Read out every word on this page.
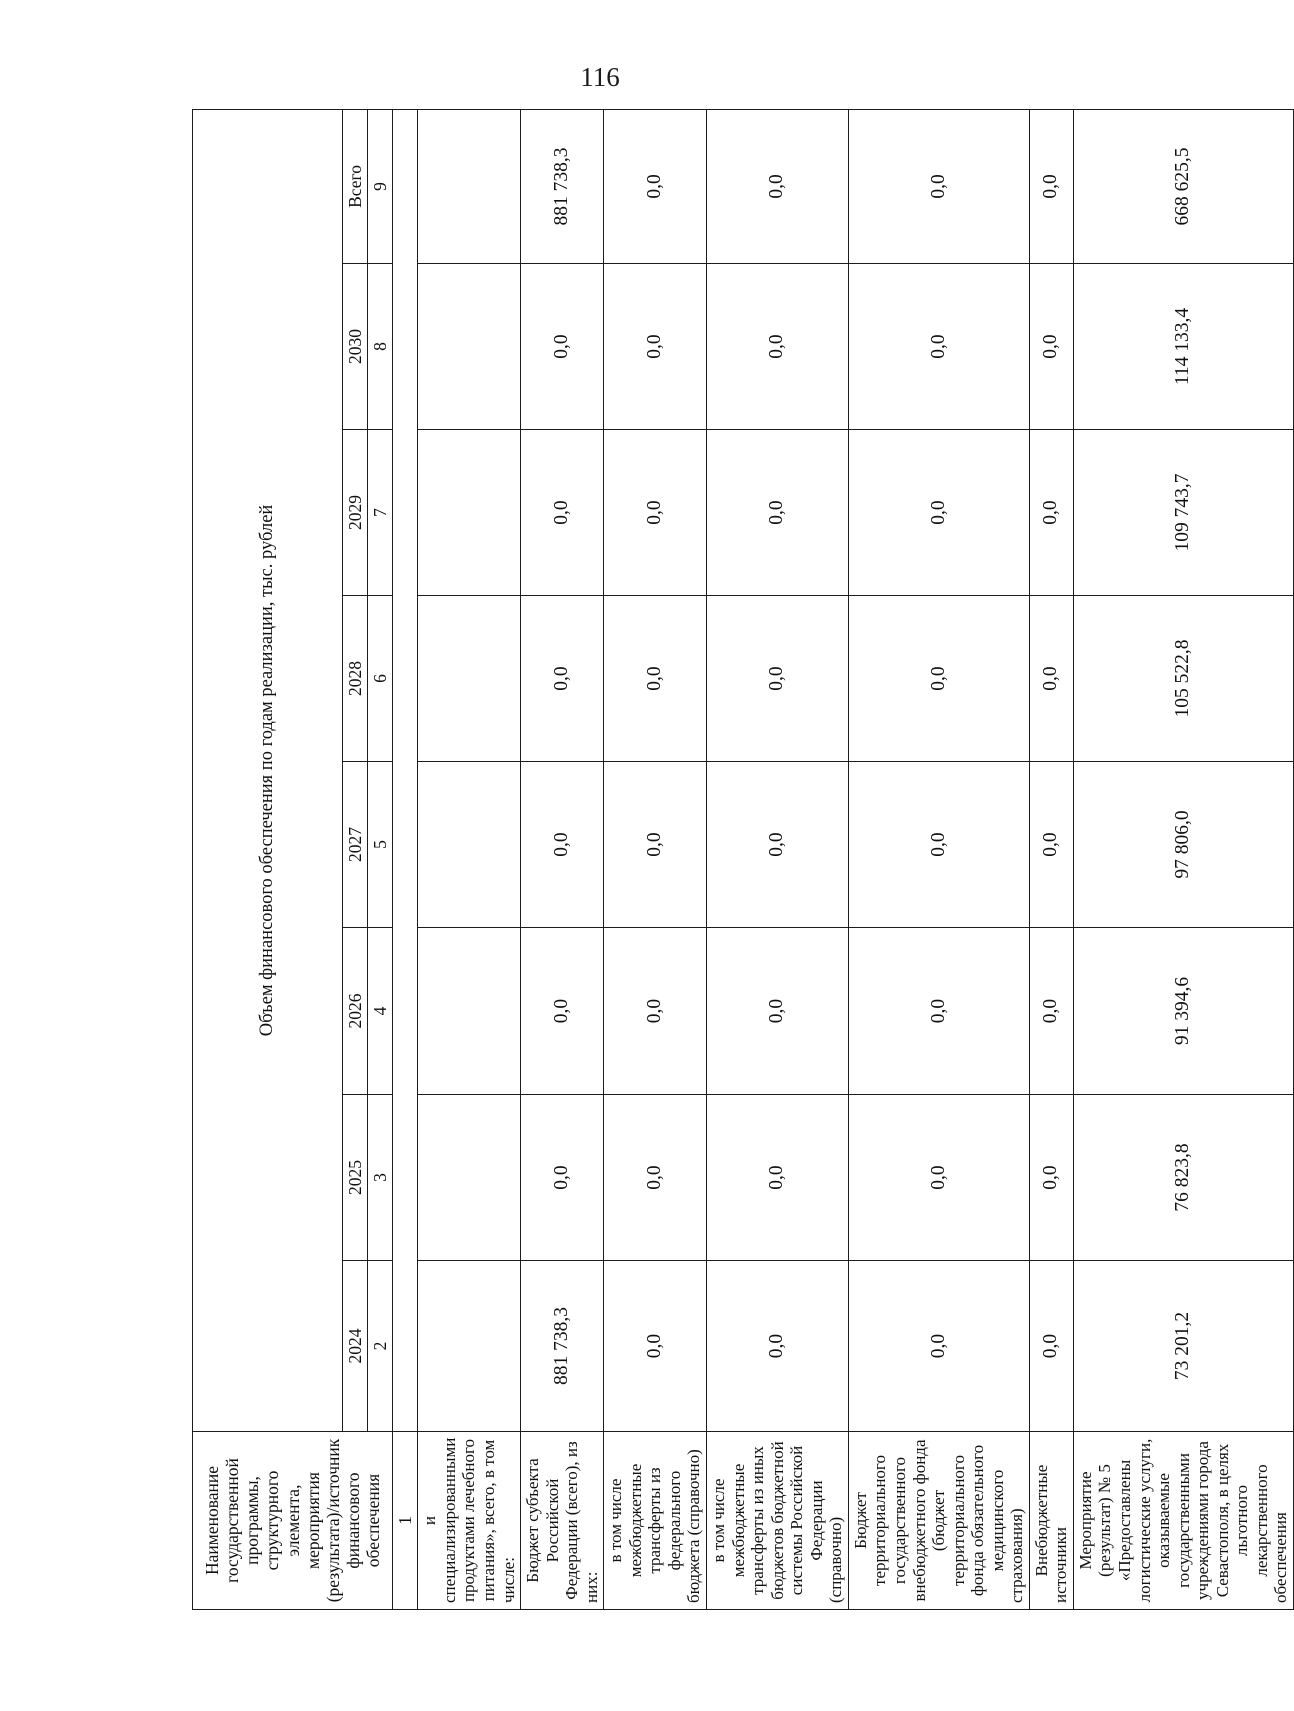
116
Наименование государственной программы, структурного элемента, мероприятия (результата)/источник финансового обеспечения	Объем финансового обеспечения по годам реализации, тыс. рублей							
	2024	2025	2026	2027	2028	2029	2030	Всего
	2	3	4	5	6	7	8	9
1								
и специализированными продуктами лечебного питания», всего, в том числе:								
Бюджет субъекта Российской Федерации (всего), из них:	881 738,3	0,0	0,0	0,0	0,0	0,0	0,0	881 738,3
в том числе межбюджетные трансферты из федерального бюджета (справочно)	0,0	0,0	0,0	0,0	0,0	0,0	0,0	0,0
в том числе межбюджетные трансферты из иных бюджетов бюджетной системы Российской Федерации (справочно)	0,0	0,0	0,0	0,0	0,0	0,0	0,0	0,0
Бюджет территориального государственного внебюджетного фонда (бюджет территориального фонда обязательного медицинского страхования)	0,0	0,0	0,0	0,0	0,0	0,0	0,0	0,0
Внебюджетные источники	0,0	0,0	0,0	0,0	0,0	0,0	0,0	0,0
Мероприятие (результат) № 5 «Предоставлены логистические услуги, оказываемые государственными учреждениями города Севастополя, в целях льготного лекарственного обеспечения	73 201,2	76 823,8	91 394,6	97 806,0	105 522,8	109 743,7	114 133,4	668 625,5
